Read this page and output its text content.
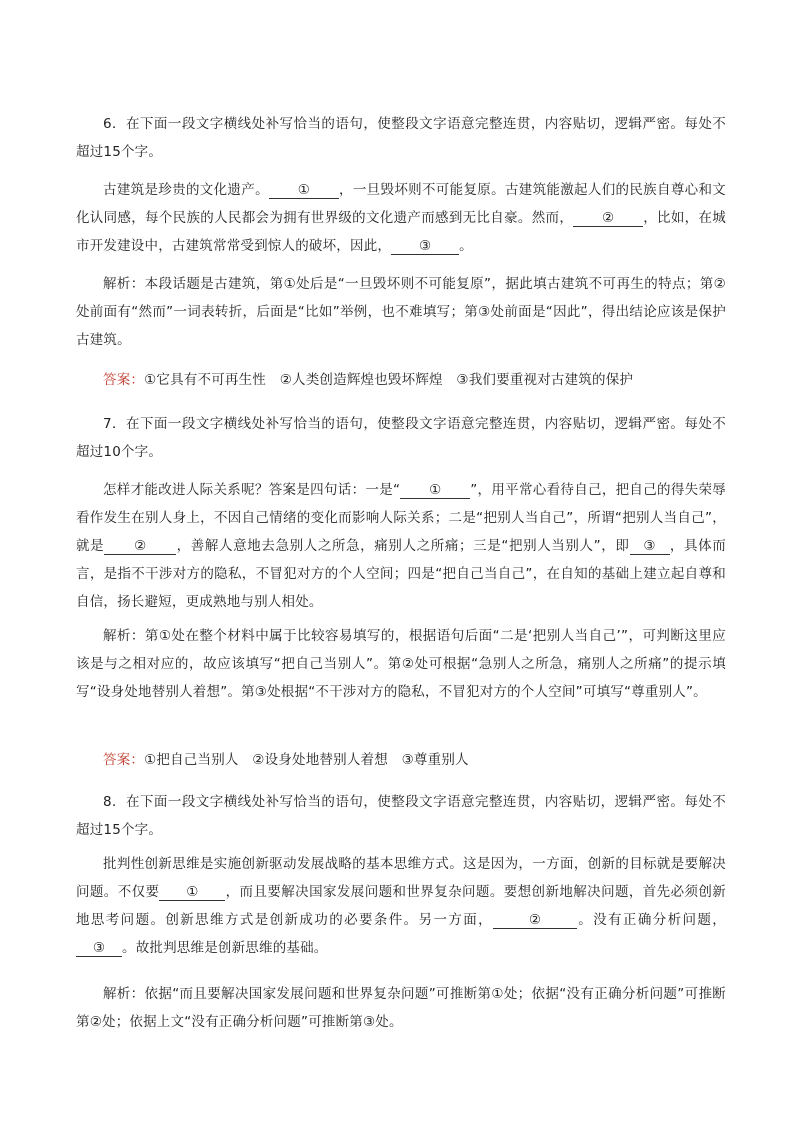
6．在下面一段文字横线处补写恰当的语句，使整段文字语意完整连贯，内容贴切，逻辑严密。每处不超过15个字。
古建筑是珍贵的文化遗产。 ① ，一旦毁坏则不可能复原。古建筑能激起人们的民族自尊心和文化认同感，每个民族的人民都会为拥有世界级的文化遗产而感到无比自豪。然而， ② ，比如，在城市开发建设中，古建筑常常受到惊人的破坏，因此， ③ 。
解析：本段话题是古建筑，第①处后是“一旦毁坏则不可能复原”，据此填古建筑不可再生的特点；第②处前面有“然而”一词表转折，后面是“比如”举例，也不难填写；第③处前面是“因此”，得出结论应该是保护古建筑。
答案：①它具有不可再生性　②人类创造辉煌也毁坏辉煌　③我们要重视对古建筑的保护
7．在下面一段文字横线处补写恰当的语句，使整段文字语意完整连贯，内容贴切，逻辑严密。每处不超过10个字。
怎样才能改进人际关系呢？答案是四句话：一是“ ① ”，用平常心看待自己，把自己的得失荣辱看作发生在别人身上，不因自己情绪的变化而影响人际关系；二是“把别人当自己”，所谓“把别人当自己”，就是 ② ，善解人意地去急别人之所急，痛别人之所痛；三是“把别人当别人”，即 ③ ，具体而言，是指不干涉对方的隐私，不冒犯对方的个人空间；四是“把自己当自己”，在自知的基础上建立起自尊和自信，扬长避短，更成熟地与别人相处。
解析：第①处在整个材料中属于比较容易填写的，根据语句后面“二是‘把别人当自己’”，可判断这里应该是与之相对应的，故应该填写“把自己当别人”。第②处可根据“急别人之所急，痛别人之所痛”的提示填写“设身处地替别人着想”。第③处根据“不干涉对方的隐私，不冒犯对方的个人空间”可填写“尊重别人”。
答案：①把自己当别人　②设身处地替别人着想　③尊重别人
8．在下面一段文字横线处补写恰当的语句，使整段文字语意完整连贯，内容贴切，逻辑严密。每处不超过15个字。
批判性创新思维是实施创新驱动发展战略的基本思维方式。这是因为，一方面，创新的目标就是要解决问题。不仅要 ① ，而且要解决国家发展问题和世界复杂问题。要想创新地解决问题，首先必须创新地思考问题。创新思维方式是创新成功的必要条件。另一方面，	②	。没有正确分析问题，③ 。故批判思维是创新思维的基础。
解析：依据“而且要解决国家发展问题和世界复杂问题”可推断第①处；依据“没有正确分析问题”可推断第②处；依据上文“没有正确分析问题”可推断第③处。
